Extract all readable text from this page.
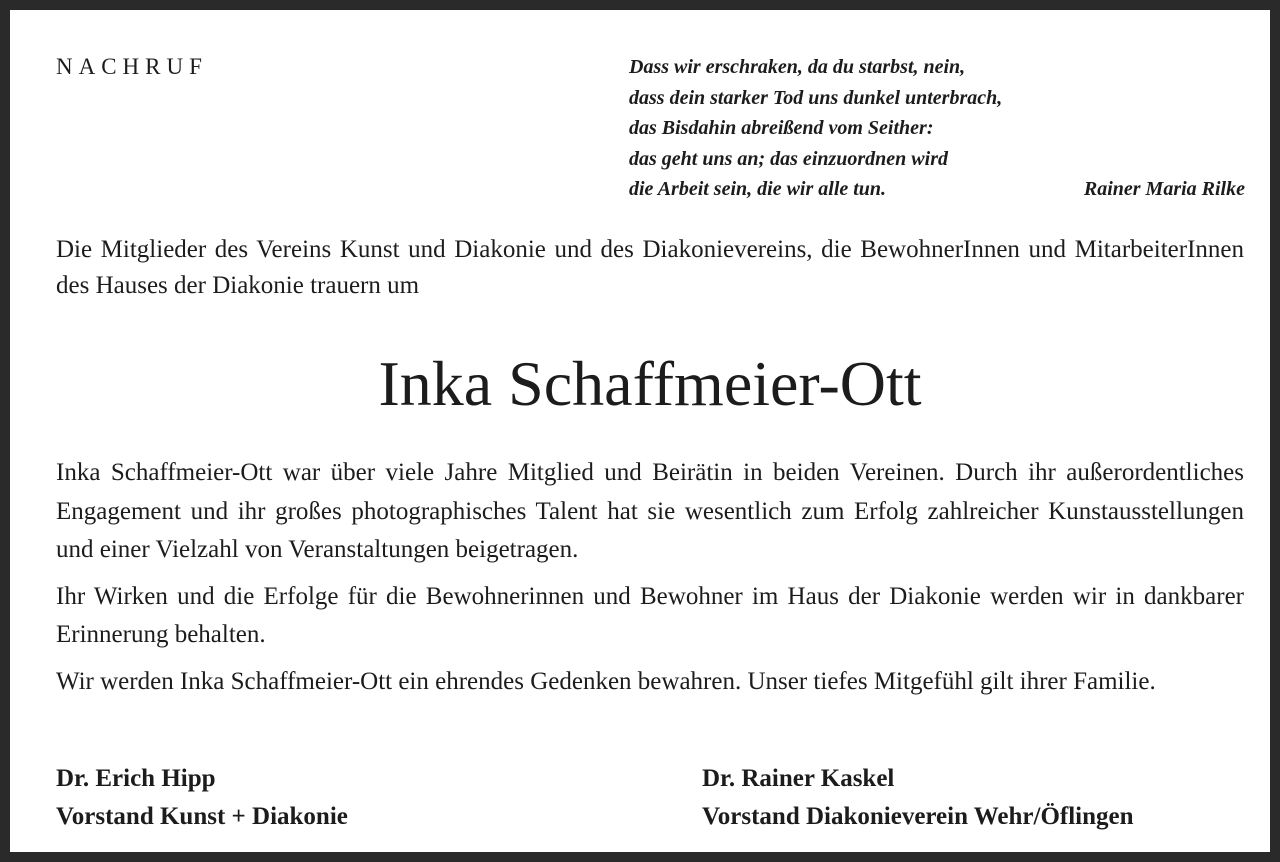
NACHRUF	Dass wir erschraken, da du starbst, nein,
dass dein starker Tod uns dunkel unterbrach,
das Bisdahin abreißend vom Seither:
das geht uns an; das einzuordnen wird
die Arbeit sein, die wir alle tun.	Rainer Maria Rilke
Die Mitglieder des Vereins Kunst und Diakonie und des Diakonievereins, die BewohnerInnen und MitarbeiterInnen des Hauses der Diakonie trauern um
Inka Schaffmeier-Ott

Inka Schaffmeier-Ott war über viele Jahre Mitglied und Beirätin in beiden Vereinen. Durch ihr außerordentliches Engagement und ihr großes photographisches Talent hat sie wesentlich zum Erfolg zahlreicher Kunstausstellungen und einer Vielzahl von Veranstaltungen beigetragen.

Ihr Wirken und die Erfolge für die Bewohnerinnen und Bewohner im Haus der Diakonie werden wir in dankbarer Erinnerung behalten.

Wir werden Inka Schaffmeier-Ott ein ehrendes Gedenken bewahren. Unser tiefes Mitgefühl gilt ihrer Familie.

Dr. Erich Hipp
Vorstand Kunst + Diakonie
Dr. Rainer Kaskel
Vorstand Diakonieverein Wehr/Öflingen
